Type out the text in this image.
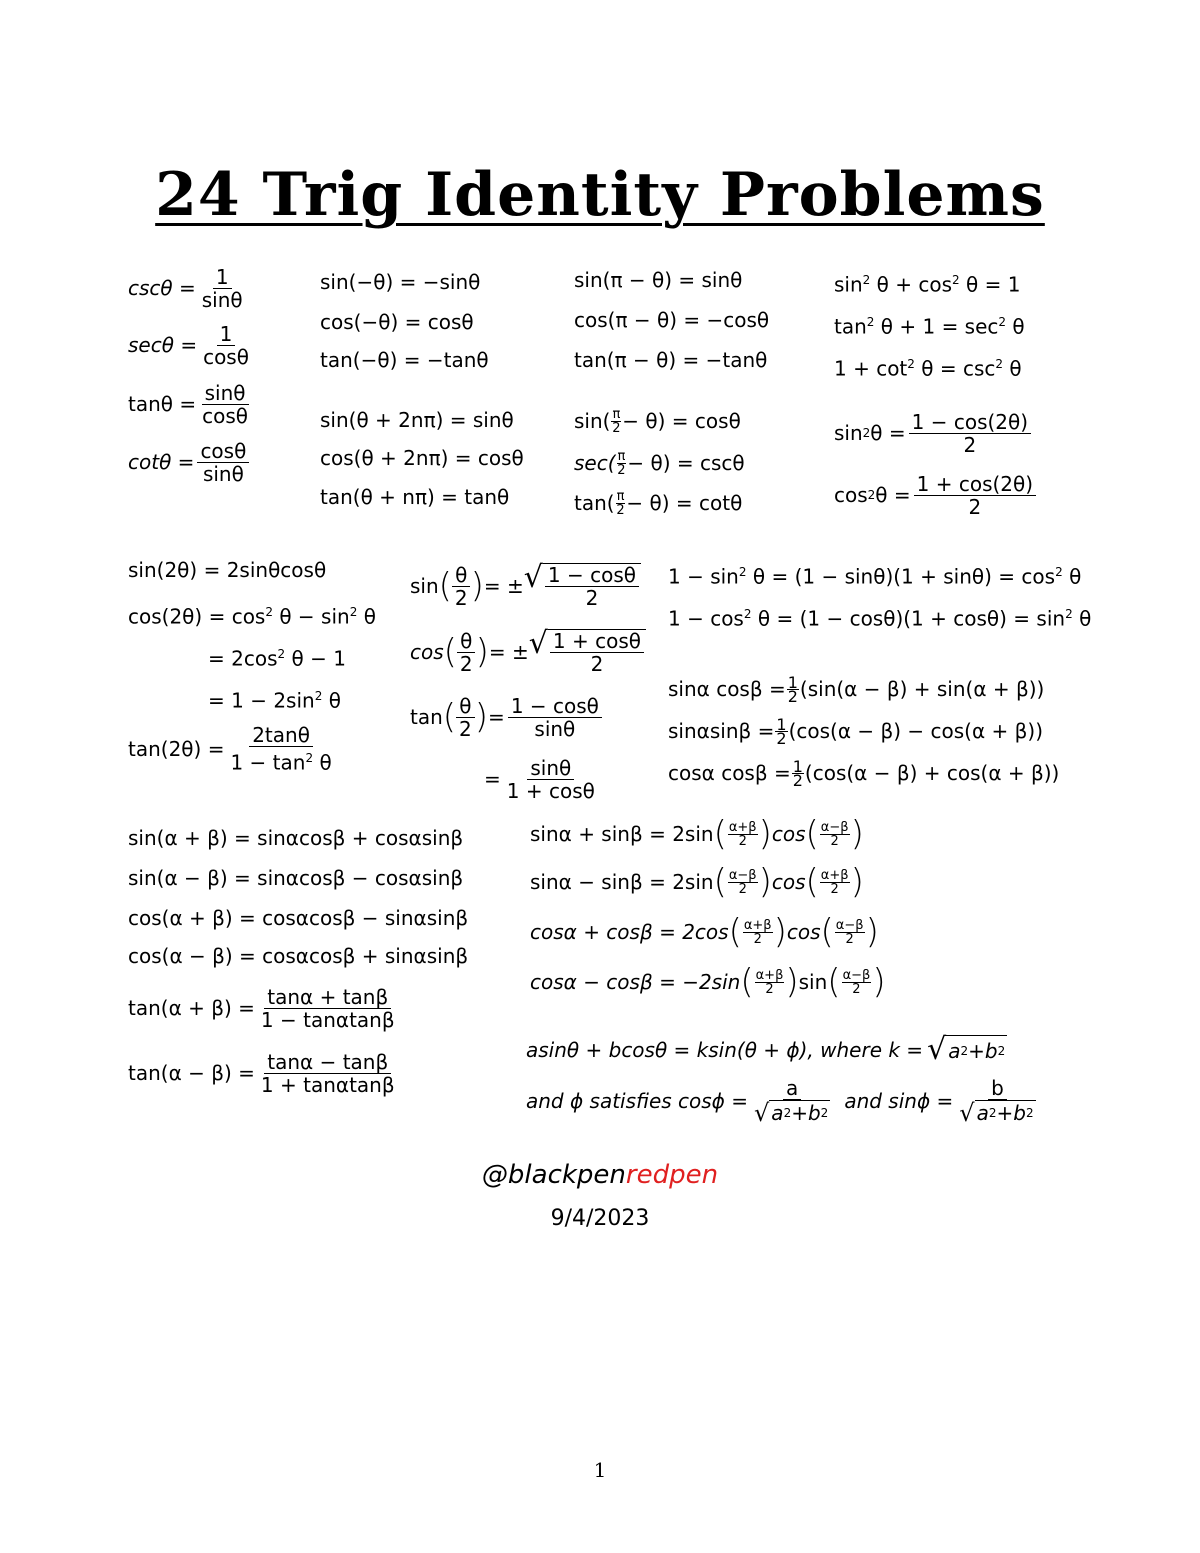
24 Trig Identity Problems
$\csc\theta = \frac{1}{\sin\theta}$
$\sec\theta = \frac{1}{\cos\theta}$
$\tan\theta = \frac{\sin\theta}{\cos\theta}$
$\cot\theta = \frac{\cos\theta}{\sin\theta}$
sin(−θ) = −sinθ
cos(−θ) = cosθ
tan(−θ) = −tanθ
sin(θ + 2nπ) = sinθ
cos(θ + 2nπ) = cosθ
tan(θ + nπ) = tanθ
sin(π − θ) = sinθ
cos(π − θ) = −cosθ
tan(π − θ) = −tanθ
$\sin( \frac{\pi}{2} - \theta) = \cos\theta$
$\sec( \frac{\pi}{2} - \theta) = \csc\theta$
$\tan( \frac{\pi}{2} - \theta) = \cot\theta$
$\sin^2 \theta + \cos^2 \theta = 1$
$\tan^2 \theta + 1 = \sec^2 \theta$
$1 + \cot^2 \theta = \csc^2 \theta$
sin 2 $\theta = \frac{1 - \cos(2\theta)}{2}$
cos 2 $\theta = \frac{1 + \cos(2\theta)}{2}$
sin(2θ) = 2sinθcosθ
$\cos(2\theta) = \cos^2 \theta - \sin^2 \theta$
= $2\cos^2$ θ − 1
= $1 - 2\sin^2$ θ
$\tan(2\theta) = \frac{2\tan\theta}{1 - \tan^2 \theta}$
sin ( $\frac{\theta}{2}$ ) = ± √ $\frac{1 - \cos\theta}{2}$
cos ( $\frac{\theta}{2}$ ) = ± √ $\frac{1 + \cos\theta}{2}$
tan ( $\frac{\theta}{2}$ ) = $\frac{1 - \cos\theta}{\sin\theta}$
= $\frac{\sin\theta}{1 + \cos\theta}$
$1 - \sin^2 \theta = (1 - \sin\theta)(1 + \sin\theta) = \cos^2 \theta$
$1 - \cos^2 \theta = (1 - \cos\theta)(1 + \cos\theta) = \sin^2 \theta$
sinα $\cos\beta = \frac{1}{2} (\sin(\alpha - \beta) + \sin(\alpha + \beta))$
$\sin\alpha\sin\beta = \frac{1}{2} (\cos(\alpha - \beta) - \cos(\alpha + \beta))$
cosα $\cos\beta = \frac{1}{2} (\cos(\alpha - \beta) + \cos(\alpha + \beta))$
sin(α + β) = sinαcosβ + cosαsinβ
sin(α − β) = sinαcosβ − cosαsinβ
cos(α + β) = cosαcosβ − sinαsinβ
cos(α − β) = cosαcosβ + sinαsinβ
$\tan(\alpha + \beta) = \frac{\tan\alpha + \tan\beta}{1 - \tan\alpha\tan\beta}$
$\tan(\alpha - \beta) = \frac{\tan\alpha - \tan\beta}{1 + \tan\alpha\tan\beta}$
sinα + sinβ = 2sin ( $\frac{\alpha+\beta}{2}$ ) cos ( $\frac{\alpha-\beta}{2}$ )
sinα − sinβ = 2sin ( $\frac{\alpha-\beta}{2}$ ) cos ( $\frac{\alpha+\beta}{2}$ )
cosα + cosβ = 2cos ( $\frac{\alpha+\beta}{2}$ ) cos ( $\frac{\alpha-\beta}{2}$ )
cosα − cosβ = −2sin ( $\frac{\alpha+\beta}{2}$ ) sin ( $\frac{\alpha-\beta}{2}$ )
asinθ + bcosθ = ksin(θ + ϕ), where k = √ a 2 + b 2
and ϕ satisfies $\cos\phi = \frac{a}{√ a 2 + b 2}$ and $\sin\phi = \frac{b}{√ a 2 + b 2}$
@blackpenredpen
9/4/2023
1
